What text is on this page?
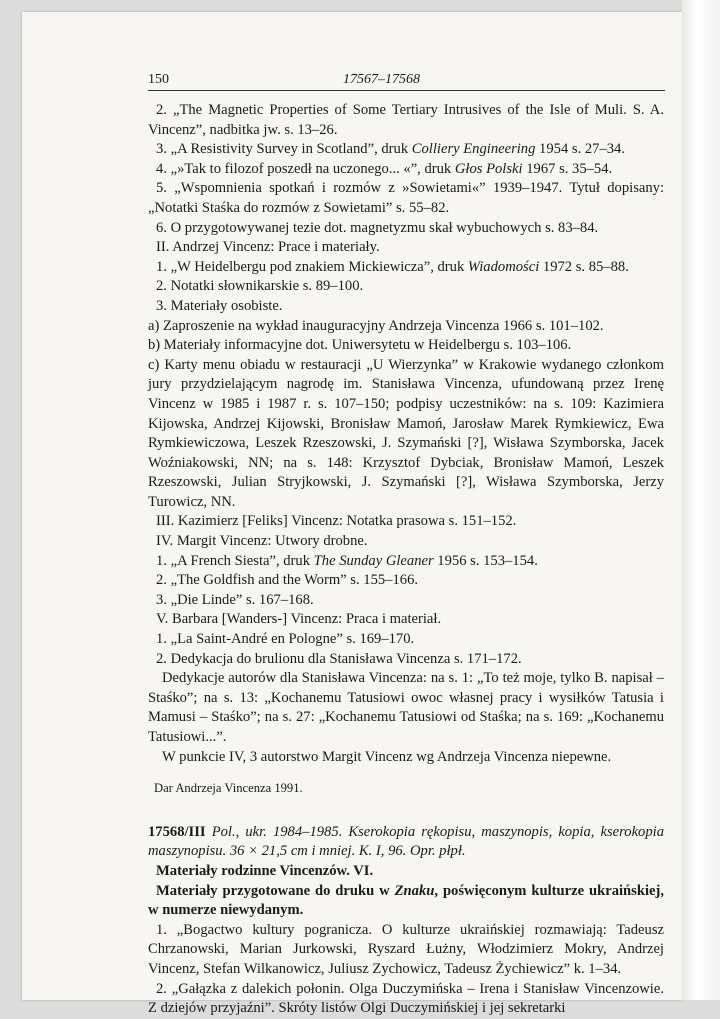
150	17567–17568

2. „The Magnetic Properties of Some Tertiary Intrusives of the Isle of Muli. S. A. Vincenz”, nadbitka jw. s. 13–26.

3. „A Resistivity Survey in Scotland”, druk Colliery Engineering 1954 s. 27–34.

4. „»Tak to filozof poszedł na uczonego... «”, druk Głos Polski 1967 s. 35–54.

5. „Wspomnienia spotkań i rozmów z »Sowietami«” 1939–1947. Tytuł dopisany: „Notatki Staśka do rozmów z Sowietami” s. 55–82.

6. O przygotowywanej tezie dot. magnetyzmu skał wybuchowych s. 83–84.

II. Andrzej Vincenz: Prace i materiały.

1. „W Heidelbergu pod znakiem Mickiewicza”, druk Wiadomości 1972 s. 85–88.

2. Notatki słownikarskie s. 89–100.

3. Materiały osobiste.

a) Zaproszenie na wykład inauguracyjny Andrzeja Vincenza 1966 s. 101–102.

b) Materiały informacyjne dot. Uniwersytetu w Heidelbergu s. 103–106.

c) Karty menu obiadu w restauracji „U Wierzynka” w Krakowie wydanego członkom jury przydzielającym nagrodę im. Stanisława Vincenza, ufundowaną przez Irenę Vincenz w 1985 i 1987 r. s. 107–150; podpisy uczestników: na s. 109: Kazimiera Kijowska, Andrzej Kijowski, Bronisław Mamoń, Jarosław Marek Rymkiewicz, Ewa Rymkiewiczowa, Leszek Rzeszowski, J. Szymański [?], Wisława Szymborska, Jacek Woźniakowski, NN; na s. 148: Krzysztof Dybciak, Bronisław Mamoń, Leszek Rzeszowski, Julian Stryjkowski, J. Szymański [?], Wisława Szymborska, Jerzy Turowicz, NN.

III. Kazimierz [Feliks] Vincenz: Notatka prasowa s. 151–152.

IV. Margit Vincenz: Utwory drobne.

1. „A French Siesta”, druk The Sunday Gleaner 1956 s. 153–154.

2. „The Goldfish and the Worm” s. 155–166.

3. „Die Linde” s. 167–168.

V. Barbara [Wanders-] Vincenz: Praca i materiał.

1. „La Saint-André en Pologne” s. 169–170.

2. Dedykacja do brulionu dla Stanisława Vincenza s. 171–172.

Dedykacje autorów dla Stanisława Vincenza: na s. 1: „To też moje, tylko B. napisał – Staśko”; na s. 13: „Kochanemu Tatusiowi owoc własnej pracy i wysiłków Tatusia i Mamusi – Staśko”; na s. 27: „Kochanemu Tatusiowi od Staśka; na s. 169: „Kochanemu Tatusiowi...”.

W punkcie IV, 3 autorstwo Margit Vincenz wg Andrzeja Vincenza niepewne.

Dar Andrzeja Vincenza 1991.

17568/III Pol., ukr. 1984–1985. Kserokopia rękopisu, maszynopis, kopia, kserokopia maszynopisu. 36 × 21,5 cm i mniej. K. I, 96. Opr. płpł.

Materiały rodzinne Vincenzów. VI.

Materiały przygotowane do druku w Znaku, poświęconym kulturze ukraińskiej, w numerze niewydanym.

1. „Bogactwo kultury pogranicza. O kulturze ukraińskiej rozmawiają: Tadeusz Chrzanowski, Marian Jurkowski, Ryszard Łużny, Włodzimierz Mokry, Andrzej Vincenz, Stefan Wilkanowicz, Juliusz Zychowicz, Tadeusz Żychiewicz” k. 1–34.

2. „Gałązka z dalekich połonin. Olga Duczymińska – Irena i Stanisław Vincenzowie. Z dziejów przyjaźni”. Skróty listów Olgi Duczymińskiej i jej sekretarki
